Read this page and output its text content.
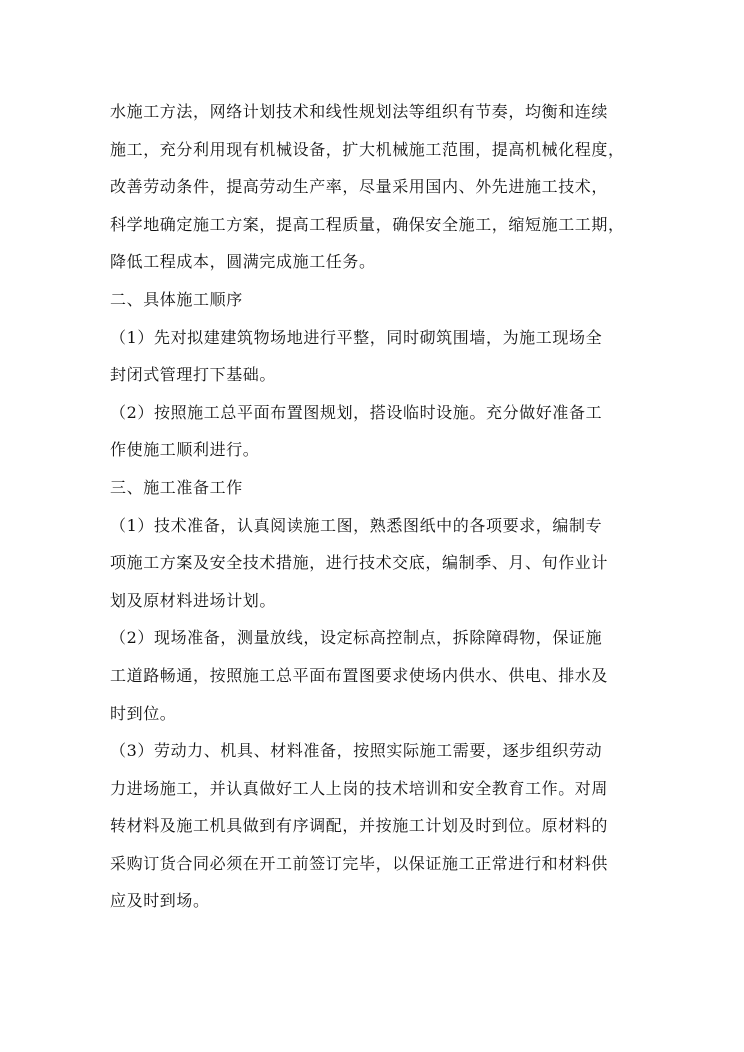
水施工方法，网络计划技术和线性规划法等组织有节奏，均衡和连续
施工，充分利用现有机械设备，扩大机械施工范围，提高机械化程度，
改善劳动条件，提高劳动生产率，尽量采用国内、外先进施工技术，
科学地确定施工方案，提高工程质量，确保安全施工，缩短施工工期，
降低工程成本，圆满完成施工任务。
二、具体施工顺序
（1）先对拟建建筑物场地进行平整，同时砌筑围墙，为施工现场全
封闭式管理打下基础。
（2）按照施工总平面布置图规划，搭设临时设施。充分做好准备工
作使施工顺利进行。
三、施工准备工作
（1）技术准备，认真阅读施工图，熟悉图纸中的各项要求，编制专
项施工方案及安全技术措施，进行技术交底，编制季、月、旬作业计
划及原材料进场计划。
（2）现场准备，测量放线，设定标高控制点，拆除障碍物，保证施
工道路畅通，按照施工总平面布置图要求使场内供水、供电、排水及
时到位。
（3）劳动力、机具、材料准备，按照实际施工需要，逐步组织劳动
力进场施工，并认真做好工人上岗的技术培训和安全教育工作。对周
转材料及施工机具做到有序调配，并按施工计划及时到位。原材料的
采购订货合同必须在开工前签订完毕，以保证施工正常进行和材料供
应及时到场。
